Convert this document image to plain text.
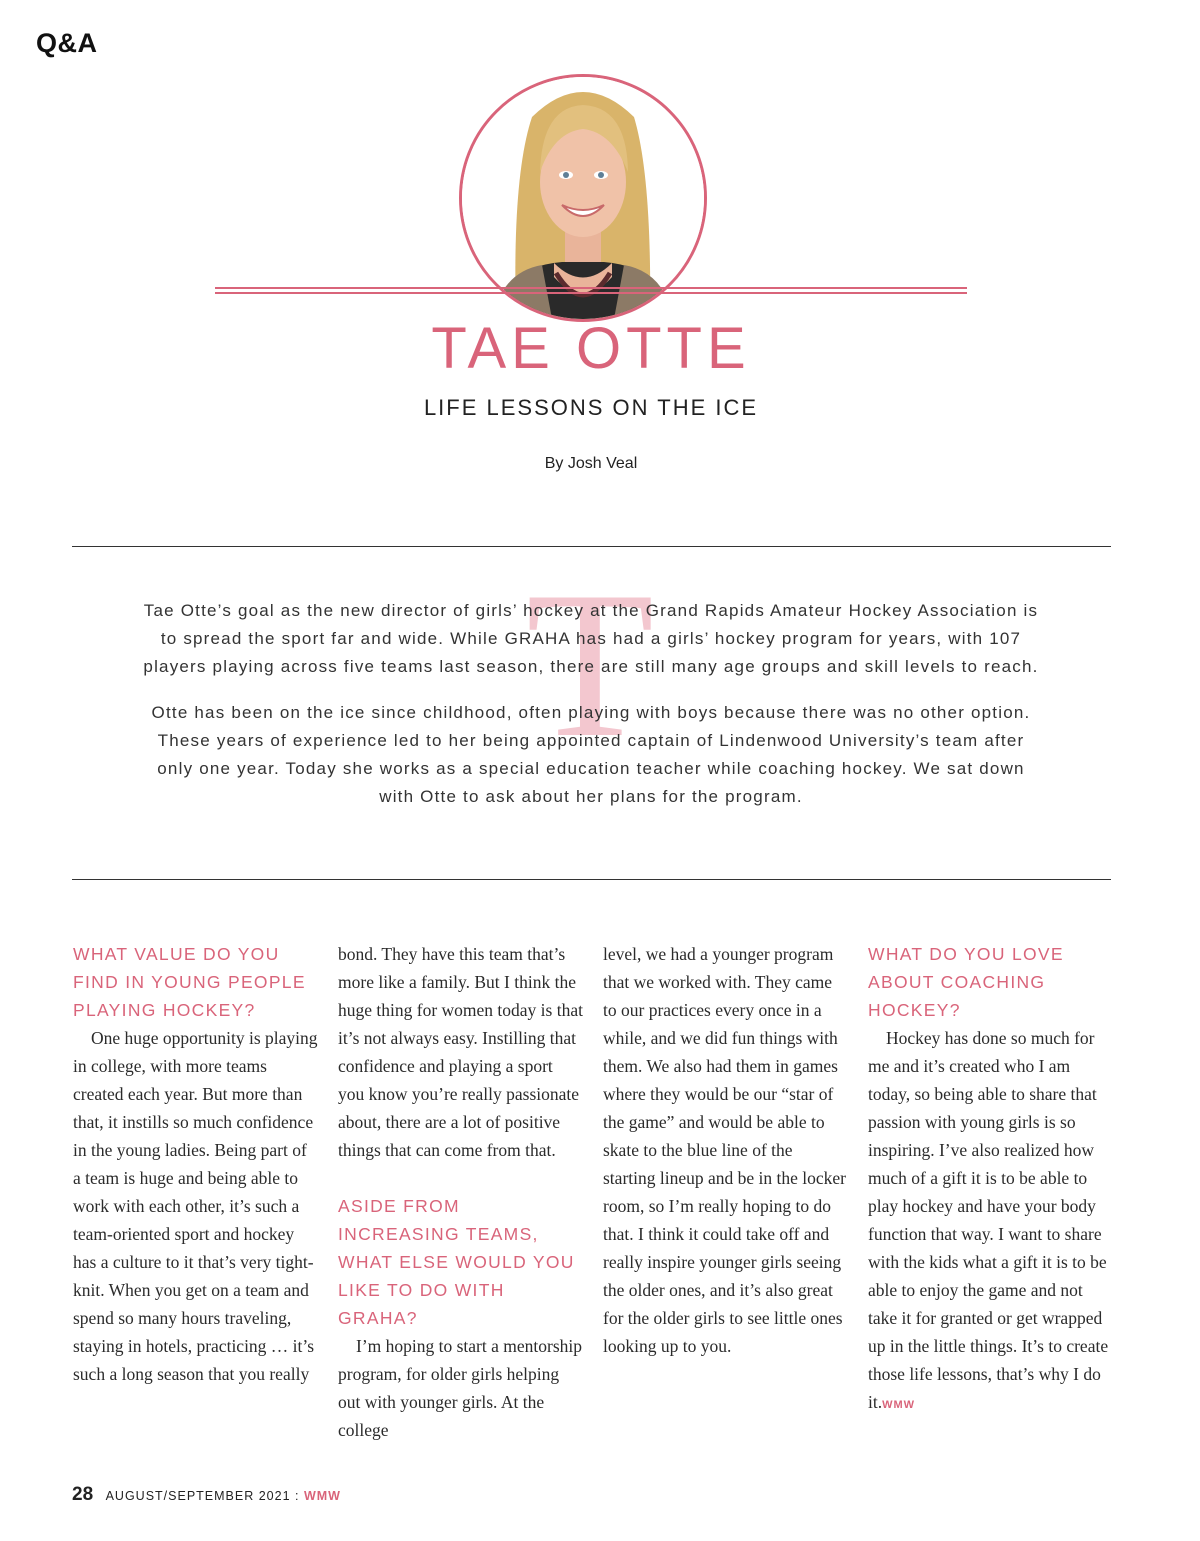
Q&A
TAE OTTE
LIFE LESSONS ON THE ICE
By Josh Veal
T

Tae Otte’s goal as the new director of girls’ hockey at the Grand Rapids Amateur Hockey Association is to spread the sport far and wide. While GRAHA has had a girls’ hockey program for years, with 107 players playing across five teams last season, there are still many age groups and skill levels to reach.

Otte has been on the ice since childhood, often playing with boys because there was no other option. These years of experience led to her being appointed captain of Lindenwood University’s team after only one year. Today she works as a special education teacher while coaching hockey. We sat down with Otte to ask about her plans for the program.

WHAT VALUE DO YOU FIND IN YOUNG PEOPLE PLAYING HOCKEY?

One huge opportunity is playing in college, with more teams created each year. But more than that, it instills so much confidence in the young ladies. Being part of a team is huge and being able to work with each other, it’s such a team-oriented sport and hockey has a culture to it that’s very tight-knit. When you get on a team and spend so many hours traveling, staying in hotels, practicing … it’s such a long season that you really

bond. They have this team that’s more like a family. But I think the huge thing for women today is that it’s not always easy. Instilling that confidence and playing a sport you know you’re really passionate about, there are a lot of positive things that can come from that.

ASIDE FROM INCREASING TEAMS, WHAT ELSE WOULD YOU LIKE TO DO WITH GRAHA?

I’m hoping to start a mentorship program, for older girls helping out with younger girls. At the college

level, we had a younger program that we worked with. They came to our practices every once in a while, and we did fun things with them. We also had them in games where they would be our “star of the game” and would be able to skate to the blue line of the starting lineup and be in the locker room, so I’m really hoping to do that. I think it could take off and really inspire younger girls seeing the older ones, and it’s also great for the older girls to see little ones looking up to you.

WHAT DO YOU LOVE ABOUT COACHING HOCKEY?

Hockey has done so much for me and it’s created who I am today, so being able to share that passion with young girls is so inspiring. I’ve also realized how much of a gift it is to be able to play hockey and have your body function that way. I want to share with the kids what a gift it is to be able to enjoy the game and not take it for granted or get wrapped up in the little things. It’s to create those life lessons, that’s why I do it.WMW

28 AUGUST/SEPTEMBER 2021 : WMW
